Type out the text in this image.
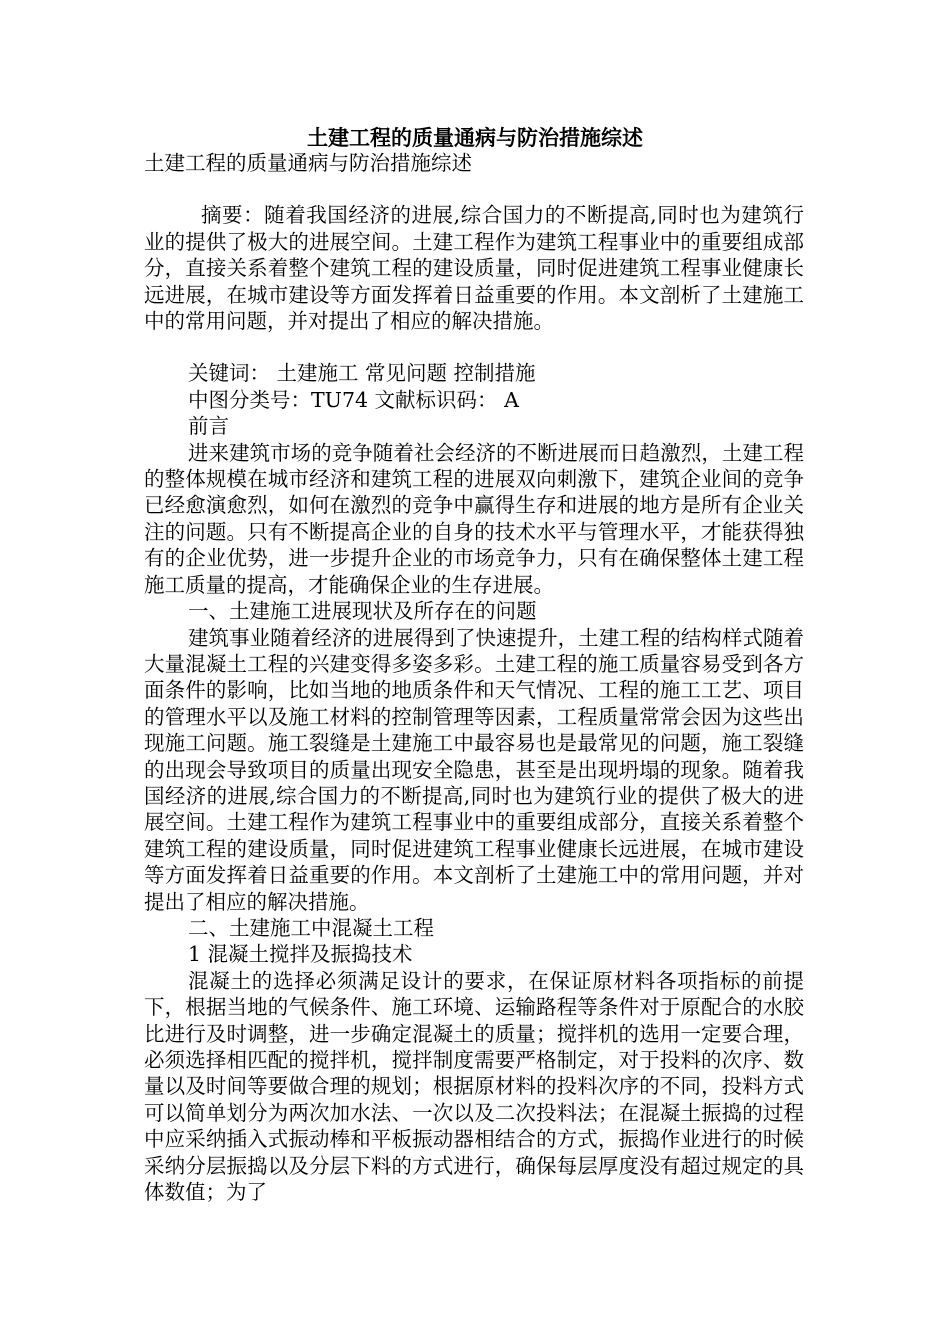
土建工程的质量通病与防治措施综述

土建工程的质量通病与防治措施综述

摘要：随着我国经济的进展,综合国力的不断提高,同时也为建筑行业的提供了极大的进展空间。土建工程作为建筑工程事业中的重要组成部分，直接关系着整个建筑工程的建设质量，同时促进建筑工程事业健康长远进展，在城市建设等方面发挥着日益重要的作用。本文剖析了土建施工中的常用问题，并对提出了相应的解决措施。

关键词： 土建施工 常见问题 控制措施

中图分类号：TU74 文献标识码： A

前言

进来建筑市场的竞争随着社会经济的不断进展而日趋激烈，土建工程的整体规模在城市经济和建筑工程的进展双向刺激下，建筑企业间的竞争已经愈演愈烈，如何在激烈的竞争中赢得生存和进展的地方是所有企业关注的问题。只有不断提高企业的自身的技术水平与管理水平，才能获得独有的企业优势，进一步提升企业的市场竞争力，只有在确保整体土建工程施工质量的提高，才能确保企业的生存进展。

一、土建施工进展现状及所存在的问题

建筑事业随着经济的进展得到了快速提升，土建工程的结构样式随着大量混凝土工程的兴建变得多姿多彩。土建工程的施工质量容易受到各方面条件的影响，比如当地的地质条件和天气情况、工程的施工工艺、项目的管理水平以及施工材料的控制管理等因素，工程质量常常会因为这些出现施工问题。施工裂缝是土建施工中最容易也是最常见的问题，施工裂缝的出现会导致项目的质量出现安全隐患，甚至是出现坍塌的现象。随着我国经济的进展,综合国力的不断提高,同时也为建筑行业的提供了极大的进展空间。土建工程作为建筑工程事业中的重要组成部分，直接关系着整个建筑工程的建设质量，同时促进建筑工程事业健康长远进展，在城市建设等方面发挥着日益重要的作用。本文剖析了土建施工中的常用问题，并对提出了相应的解决措施。

二、土建施工中混凝土工程

1 混凝土搅拌及振捣技术

混凝土的选择必须满足设计的要求，在保证原材料各项指标的前提下，根据当地的气候条件、施工环境、运输路程等条件对于原配合的水胶比进行及时调整，进一步确定混凝土的质量；搅拌机的选用一定要合理，必须选择相匹配的搅拌机，搅拌制度需要严格制定，对于投料的次序、数量以及时间等要做合理的规划；根据原材料的投料次序的不同，投料方式可以简单划分为两次加水法、一次以及二次投料法；在混凝土振捣的过程中应采纳插入式振动棒和平板振动器相结合的方式，振捣作业进行的时候采纳分层振捣以及分层下料的方式进行，确保每层厚度没有超过规定的具体数值；为了
